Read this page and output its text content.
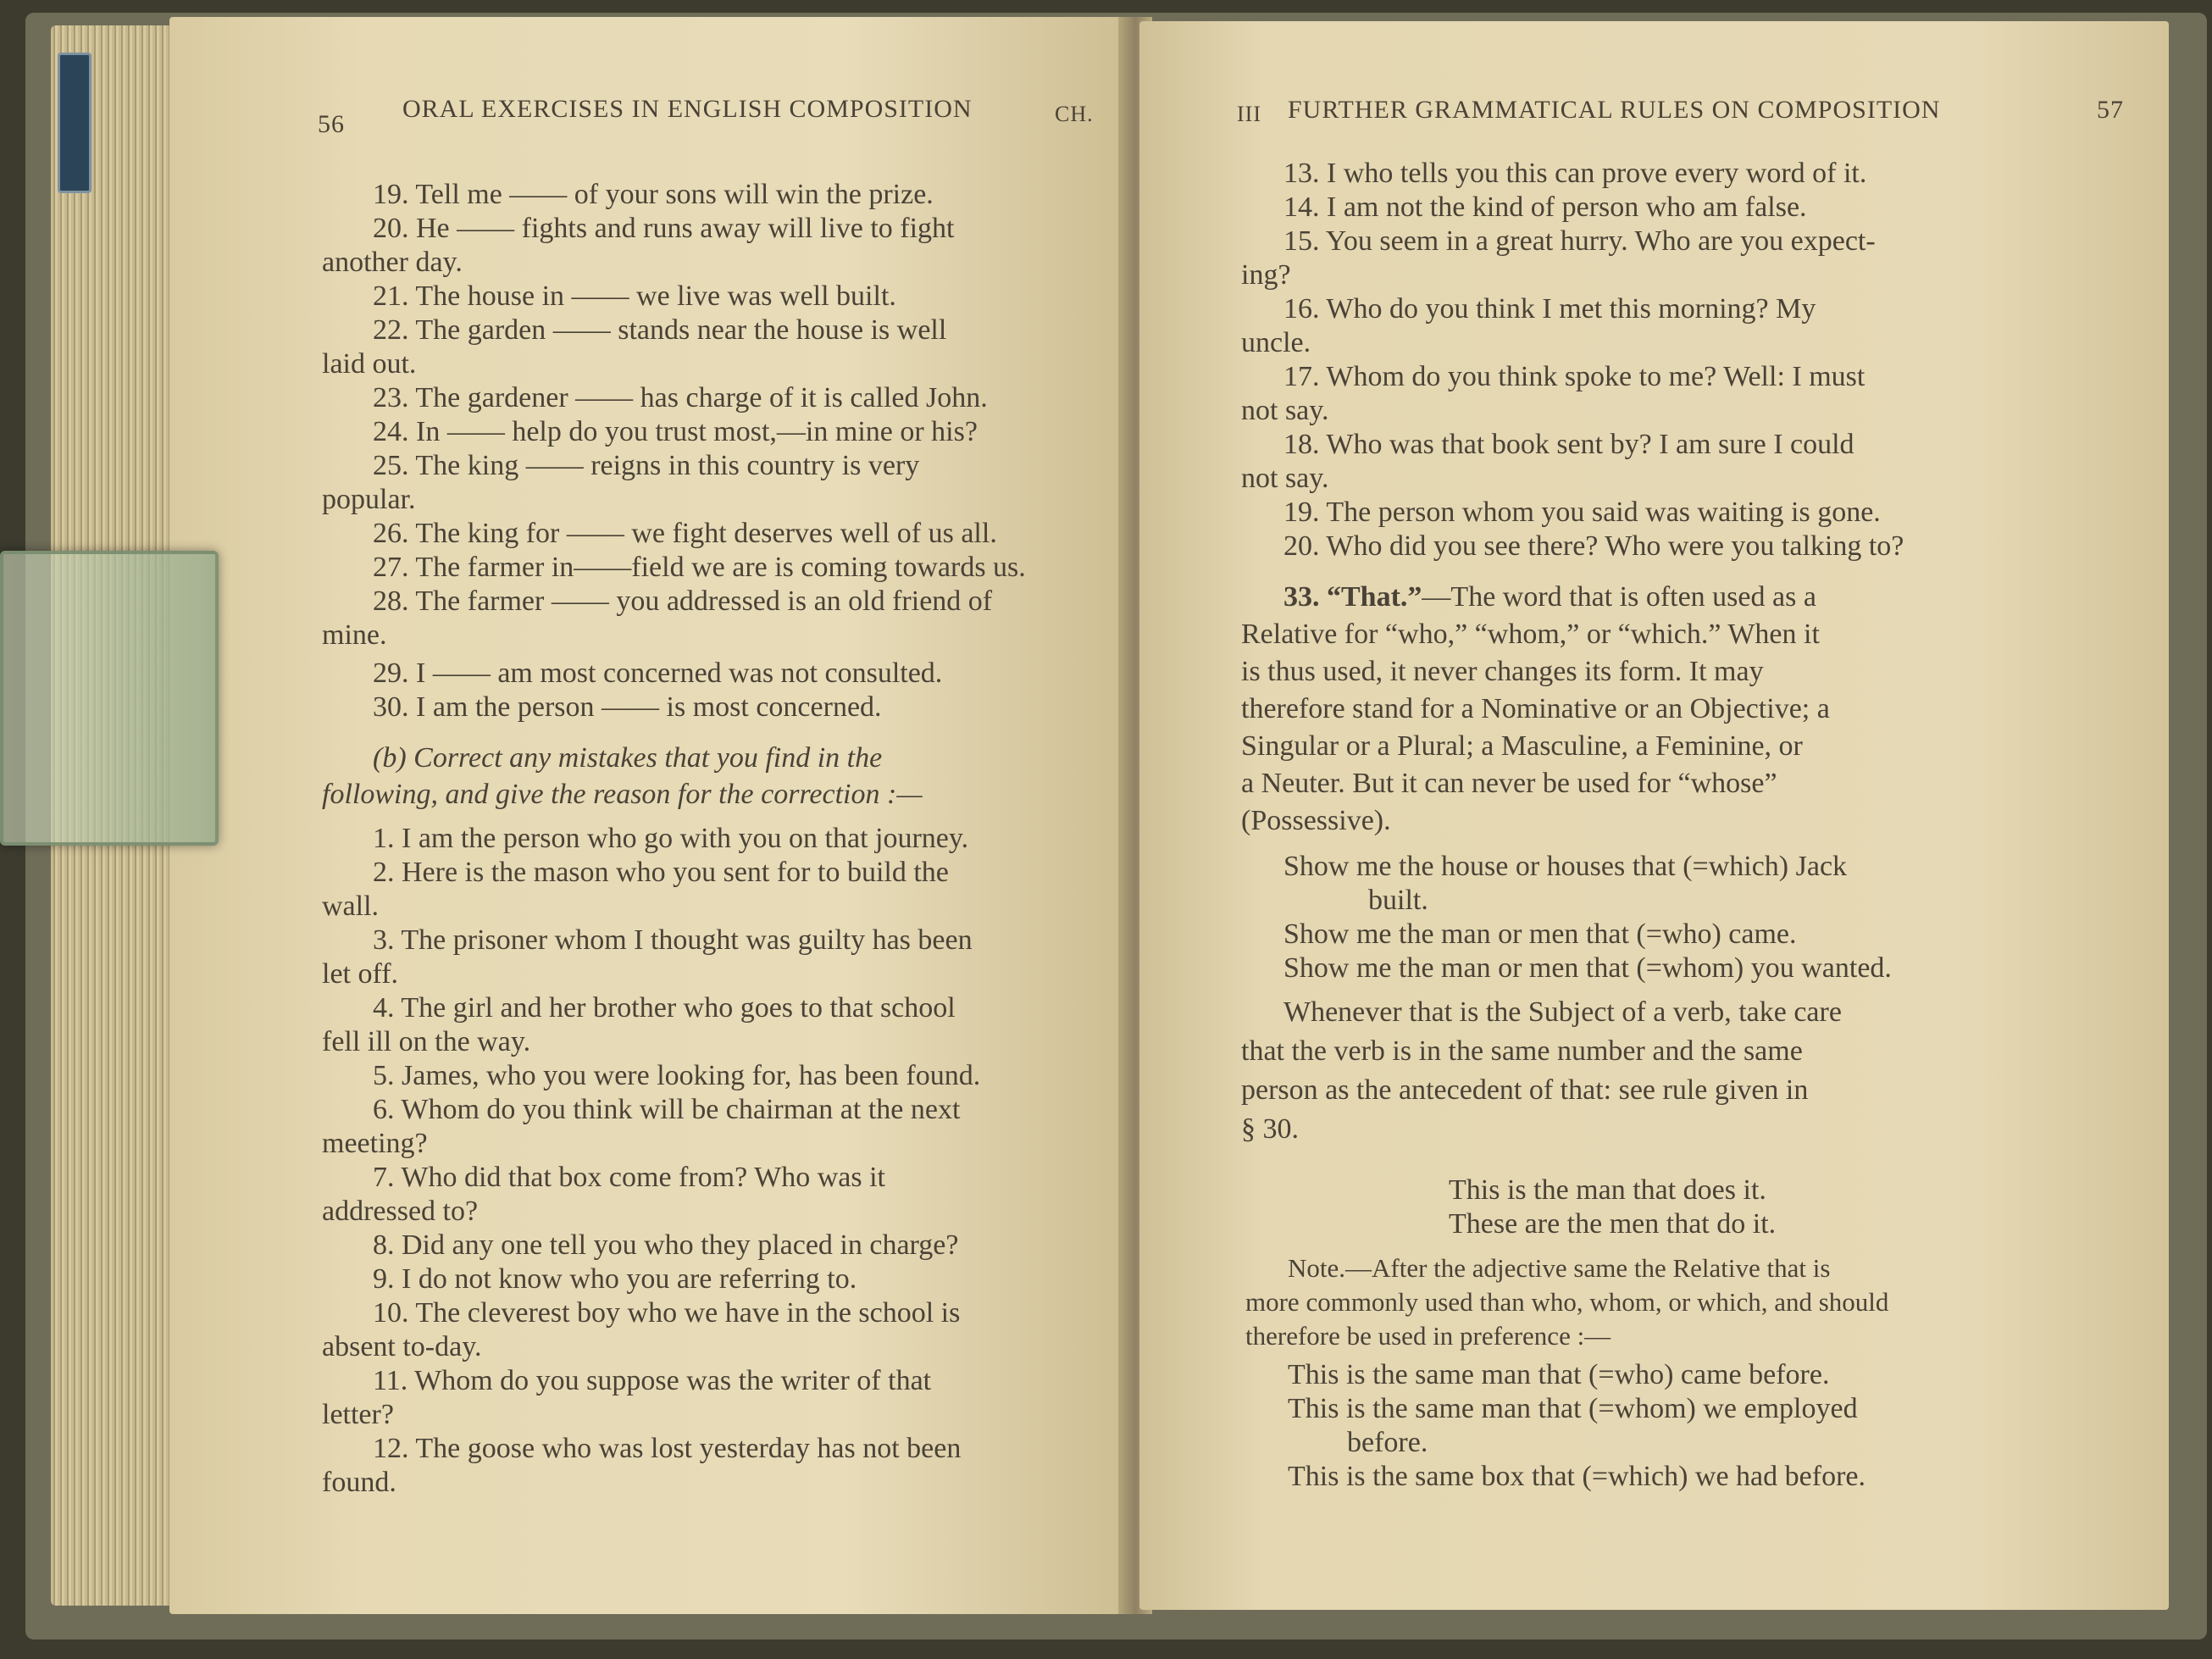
56
ORAL EXERCISES IN ENGLISH COMPOSITION	CH.
19. Tell me —— of your sons will win the prize.
20. He —— fights and runs away will live to fight
another day.
21. The house in —— we live was well built.
22. The garden —— stands near the house is well
laid out.
23. The gardener —— has charge of it is called John.
24. In —— help do you trust most,—in mine or his?
25. The king —— reigns in this country is very
popular.
26. The king for —— we fight deserves well of us all.
27. The farmer in——field we are is coming towards us.
28. The farmer —— you addressed is an old friend of
mine.
29. I —— am most concerned was not consulted.
30. I am the person —— is most concerned.
(b) Correct any mistakes that you find in the
following, and give the reason for the correction :—
1. I am the person who go with you on that journey.
2. Here is the mason who you sent for to build the
wall.
3. The prisoner whom I thought was guilty has been
let off.
4. The girl and her brother who goes to that school
fell ill on the way.
5. James, who you were looking for, has been found.
6. Whom do you think will be chairman at the next
meeting?
7. Who did that box come from? Who was it
addressed to?
8. Did any one tell you who they placed in charge?
9. I do not know who you are referring to.
10. The cleverest boy who we have in the school is
absent to-day.
11. Whom do you suppose was the writer of that
letter?
12. The goose who was lost yesterday has not been
found.
III FURTHER GRAMMATICAL RULES ON COMPOSITION	57
13. I who tells you this can prove every word of it.
14. I am not the kind of person who am false.
15. You seem in a great hurry. Who are you expect-
ing?
16. Who do you think I met this morning? My
uncle.
17. Whom do you think spoke to me? Well: I must
not say.
18. Who was that book sent by? I am sure I could
not say.
19. The person whom you said was waiting is gone.
20. Who did you see there? Who were you talking to?
33. “That.”—The word that is often used as a
Relative for “who,” “whom,” or “which.” When it
is thus used, it never changes its form. It may
therefore stand for a Nominative or an Objective; a
Singular or a Plural; a Masculine, a Feminine, or
a Neuter. But it can never be used for “whose”
(Possessive).
Show me the house or houses that (=which) Jack
built.
Show me the man or men that (=who) came.
Show me the man or men that (=whom) you wanted.
Whenever that is the Subject of a verb, take care
that the verb is in the same number and the same
person as the antecedent of that: see rule given in
§ 30.
This is the man that does it.
These are the men that do it.
Note.—After the adjective same the Relative that is
more commonly used than who, whom, or which, and should
therefore be used in preference :—
This is the same man that (=who) came before.
This is the same man that (=whom) we employed
before.
This is the same box that (=which) we had before.
